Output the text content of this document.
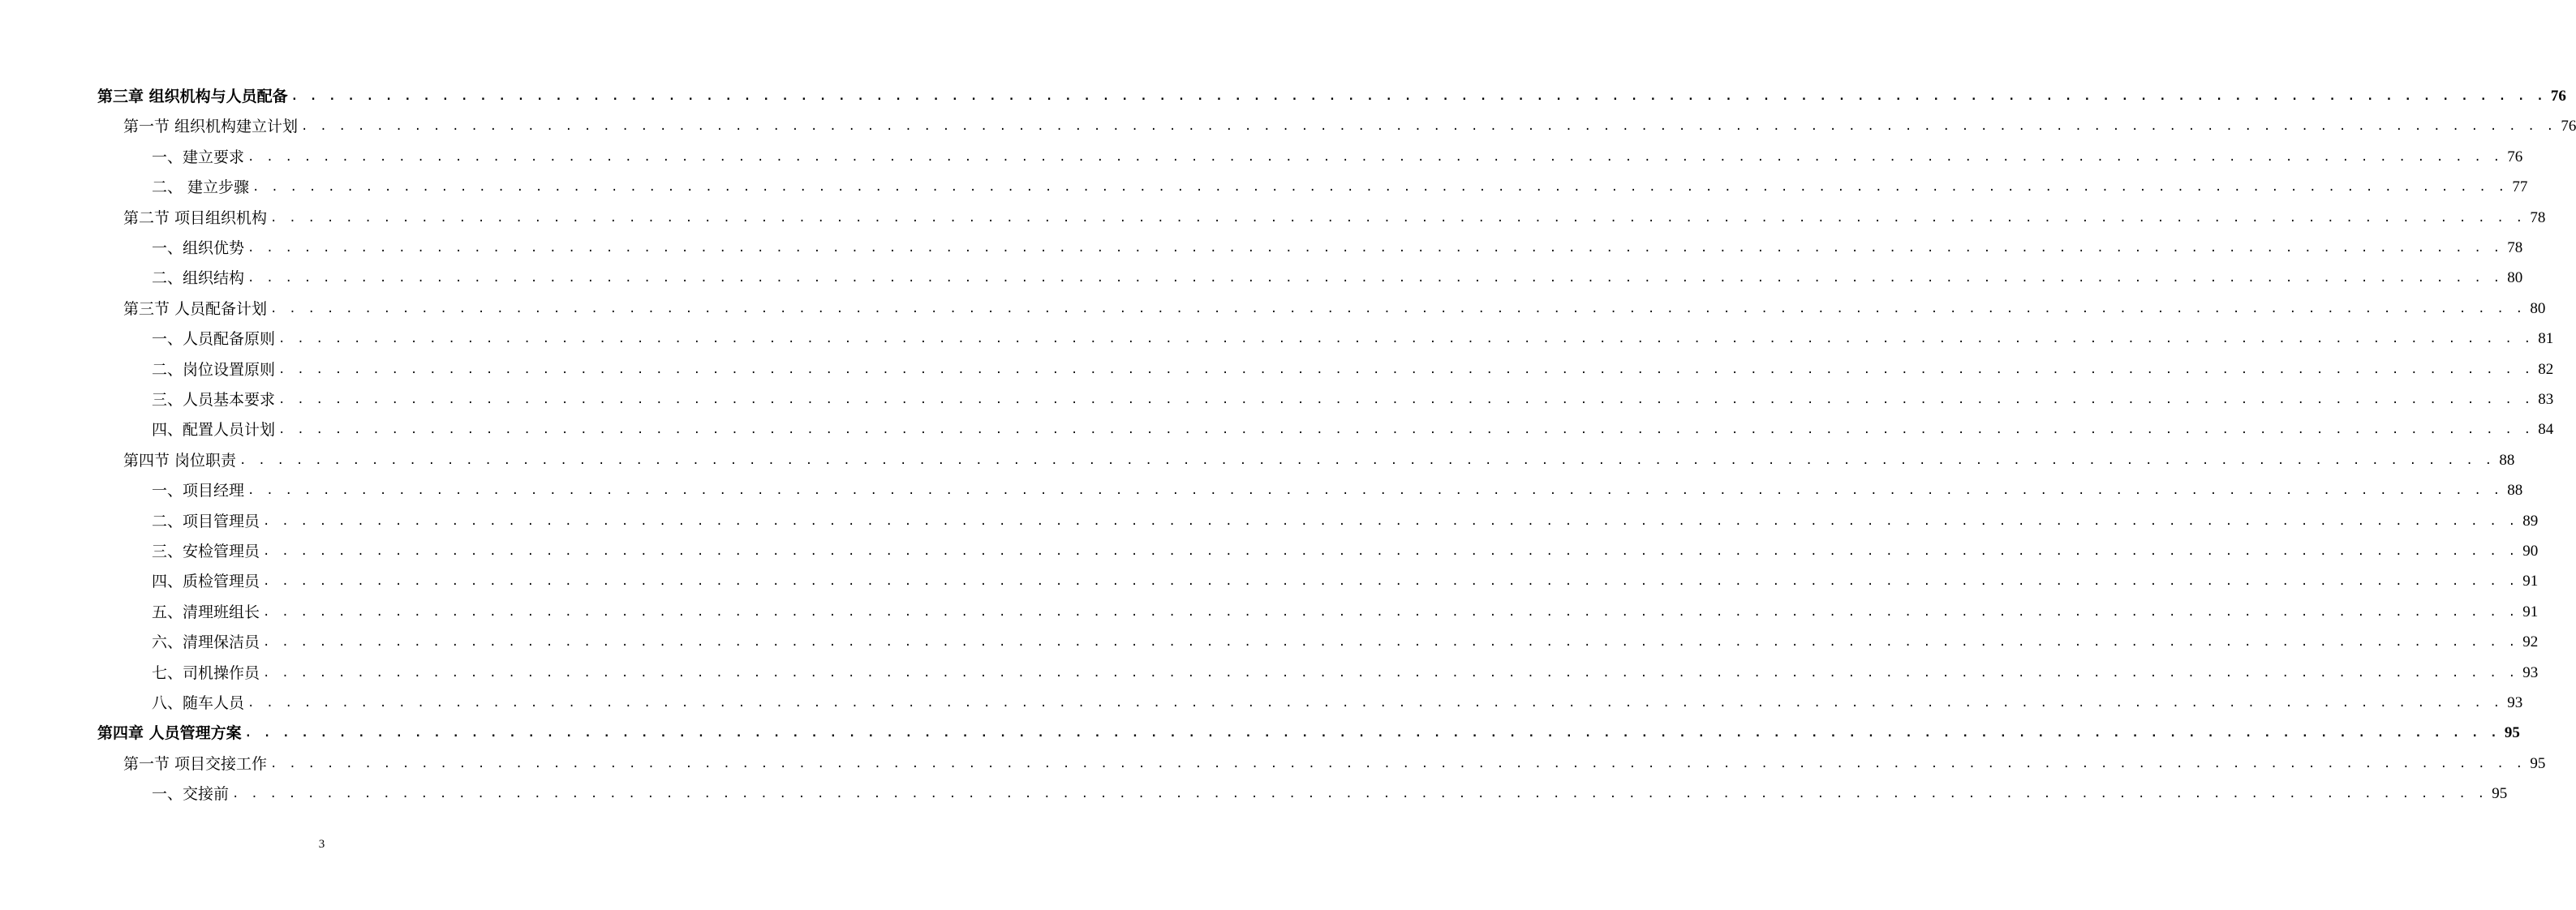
第三章 组织机构与人员配备 . . . . . . . . . . . . . . . . . . . . . . . . . . . . . . . . . . . . . . . . . . . . . . . . . . . . . . . . . . . . . . . . . . . . . . . . . . . . . . . . . . . . . . . . . . . . . . . . . . . . . . . . . . . . . . . . . . . . . . . . 76
第一节 组织机构建立计划 . . . . . . . . . . . . . . . . . . . . . . . . . . . . . . . . . . . . . . . . . . . . . . . . . . . . . . . . . . . . . . . . . . . . . . . . . . . . . . . . . . . . . . . . . . . . . . . . . . . . . . . . . . . . . . . . . . . . . . . . 76
一、建立要求 . . . . . . . . . . . . . . . . . . . . . . . . . . . . . . . . . . . . . . . . . . . . . . . . . . . . . . . . . . . . . . . . . . . . . . . . . . . . . . . . . . . . . . . . . . . . . . . . . . . . . . . . . . . . . . . . . . . . . . . . 76
二、 建立步骤 . . . . . . . . . . . . . . . . . . . . . . . . . . . . . . . . . . . . . . . . . . . . . . . . . . . . . . . . . . . . . . . . . . . . . . . . . . . . . . . . . . . . . . . . . . . . . . . . . . . . . . . . . . . . . . . . . . . . . . . . 77
第二节 项目组织机构 . . . . . . . . . . . . . . . . . . . . . . . . . . . . . . . . . . . . . . . . . . . . . . . . . . . . . . . . . . . . . . . . . . . . . . . . . . . . . . . . . . . . . . . . . . . . . . . . . . . . . . . . . . . . . . . . . . . . . . . . 78
一、组织优势 . . . . . . . . . . . . . . . . . . . . . . . . . . . . . . . . . . . . . . . . . . . . . . . . . . . . . . . . . . . . . . . . . . . . . . . . . . . . . . . . . . . . . . . . . . . . . . . . . . . . . . . . . . . . . . . . . . . . . . . . 78
二、组织结构 . . . . . . . . . . . . . . . . . . . . . . . . . . . . . . . . . . . . . . . . . . . . . . . . . . . . . . . . . . . . . . . . . . . . . . . . . . . . . . . . . . . . . . . . . . . . . . . . . . . . . . . . . . . . . . . . . . . . . . . . 80
第三节 人员配备计划 . . . . . . . . . . . . . . . . . . . . . . . . . . . . . . . . . . . . . . . . . . . . . . . . . . . . . . . . . . . . . . . . . . . . . . . . . . . . . . . . . . . . . . . . . . . . . . . . . . . . . . . . . . . . . . . . . . . . . . . . 80
一、人员配备原则 . . . . . . . . . . . . . . . . . . . . . . . . . . . . . . . . . . . . . . . . . . . . . . . . . . . . . . . . . . . . . . . . . . . . . . . . . . . . . . . . . . . . . . . . . . . . . . . . . . . . . . . . . . . . . . . . . . . . . . . . 81
二、岗位设置原则 . . . . . . . . . . . . . . . . . . . . . . . . . . . . . . . . . . . . . . . . . . . . . . . . . . . . . . . . . . . . . . . . . . . . . . . . . . . . . . . . . . . . . . . . . . . . . . . . . . . . . . . . . . . . . . . . . . . . . . . . 82
三、人员基本要求 . . . . . . . . . . . . . . . . . . . . . . . . . . . . . . . . . . . . . . . . . . . . . . . . . . . . . . . . . . . . . . . . . . . . . . . . . . . . . . . . . . . . . . . . . . . . . . . . . . . . . . . . . . . . . . . . . . . . . . . . 83
四、配置人员计划 . . . . . . . . . . . . . . . . . . . . . . . . . . . . . . . . . . . . . . . . . . . . . . . . . . . . . . . . . . . . . . . . . . . . . . . . . . . . . . . . . . . . . . . . . . . . . . . . . . . . . . . . . . . . . . . . . . . . . . . . 84
第四节 岗位职责 . . . . . . . . . . . . . . . . . . . . . . . . . . . . . . . . . . . . . . . . . . . . . . . . . . . . . . . . . . . . . . . . . . . . . . . . . . . . . . . . . . . . . . . . . . . . . . . . . . . . . . . . . . . . . . . . . . . . . . . . 88
一、项目经理 . . . . . . . . . . . . . . . . . . . . . . . . . . . . . . . . . . . . . . . . . . . . . . . . . . . . . . . . . . . . . . . . . . . . . . . . . . . . . . . . . . . . . . . . . . . . . . . . . . . . . . . . . . . . . . . . . . . . . . . . 88
二、项目管理员 . . . . . . . . . . . . . . . . . . . . . . . . . . . . . . . . . . . . . . . . . . . . . . . . . . . . . . . . . . . . . . . . . . . . . . . . . . . . . . . . . . . . . . . . . . . . . . . . . . . . . . . . . . . . . . . . . . . . . . . . 89
三、安检管理员 . . . . . . . . . . . . . . . . . . . . . . . . . . . . . . . . . . . . . . . . . . . . . . . . . . . . . . . . . . . . . . . . . . . . . . . . . . . . . . . . . . . . . . . . . . . . . . . . . . . . . . . . . . . . . . . . . . . . . . . . 90
四、质检管理员 . . . . . . . . . . . . . . . . . . . . . . . . . . . . . . . . . . . . . . . . . . . . . . . . . . . . . . . . . . . . . . . . . . . . . . . . . . . . . . . . . . . . . . . . . . . . . . . . . . . . . . . . . . . . . . . . . . . . . . . . 91
五、清理班组长 . . . . . . . . . . . . . . . . . . . . . . . . . . . . . . . . . . . . . . . . . . . . . . . . . . . . . . . . . . . . . . . . . . . . . . . . . . . . . . . . . . . . . . . . . . . . . . . . . . . . . . . . . . . . . . . . . . . . . . . . 91
六、清理保洁员 . . . . . . . . . . . . . . . . . . . . . . . . . . . . . . . . . . . . . . . . . . . . . . . . . . . . . . . . . . . . . . . . . . . . . . . . . . . . . . . . . . . . . . . . . . . . . . . . . . . . . . . . . . . . . . . . . . . . . . . . 92
七、司机操作员 . . . . . . . . . . . . . . . . . . . . . . . . . . . . . . . . . . . . . . . . . . . . . . . . . . . . . . . . . . . . . . . . . . . . . . . . . . . . . . . . . . . . . . . . . . . . . . . . . . . . . . . . . . . . . . . . . . . . . . . . 93
八、随车人员 . . . . . . . . . . . . . . . . . . . . . . . . . . . . . . . . . . . . . . . . . . . . . . . . . . . . . . . . . . . . . . . . . . . . . . . . . . . . . . . . . . . . . . . . . . . . . . . . . . . . . . . . . . . . . . . . . . . . . . . . 93
第四章 人员管理方案 . . . . . . . . . . . . . . . . . . . . . . . . . . . . . . . . . . . . . . . . . . . . . . . . . . . . . . . . . . . . . . . . . . . . . . . . . . . . . . . . . . . . . . . . . . . . . . . . . . . . . . . . . . . . . . . . . . . . . . . . 95
第一节 项目交接工作 . . . . . . . . . . . . . . . . . . . . . . . . . . . . . . . . . . . . . . . . . . . . . . . . . . . . . . . . . . . . . . . . . . . . . . . . . . . . . . . . . . . . . . . . . . . . . . . . . . . . . . . . . . . . . . . . . . . . . . . . 95
一、交接前 . . . . . . . . . . . . . . . . . . . . . . . . . . . . . . . . . . . . . . . . . . . . . . . . . . . . . . . . . . . . . . . . . . . . . . . . . . . . . . . . . . . . . . . . . . . . . . . . . . . . . . . . . . . . . . . . . . . . . . . . 95
3
